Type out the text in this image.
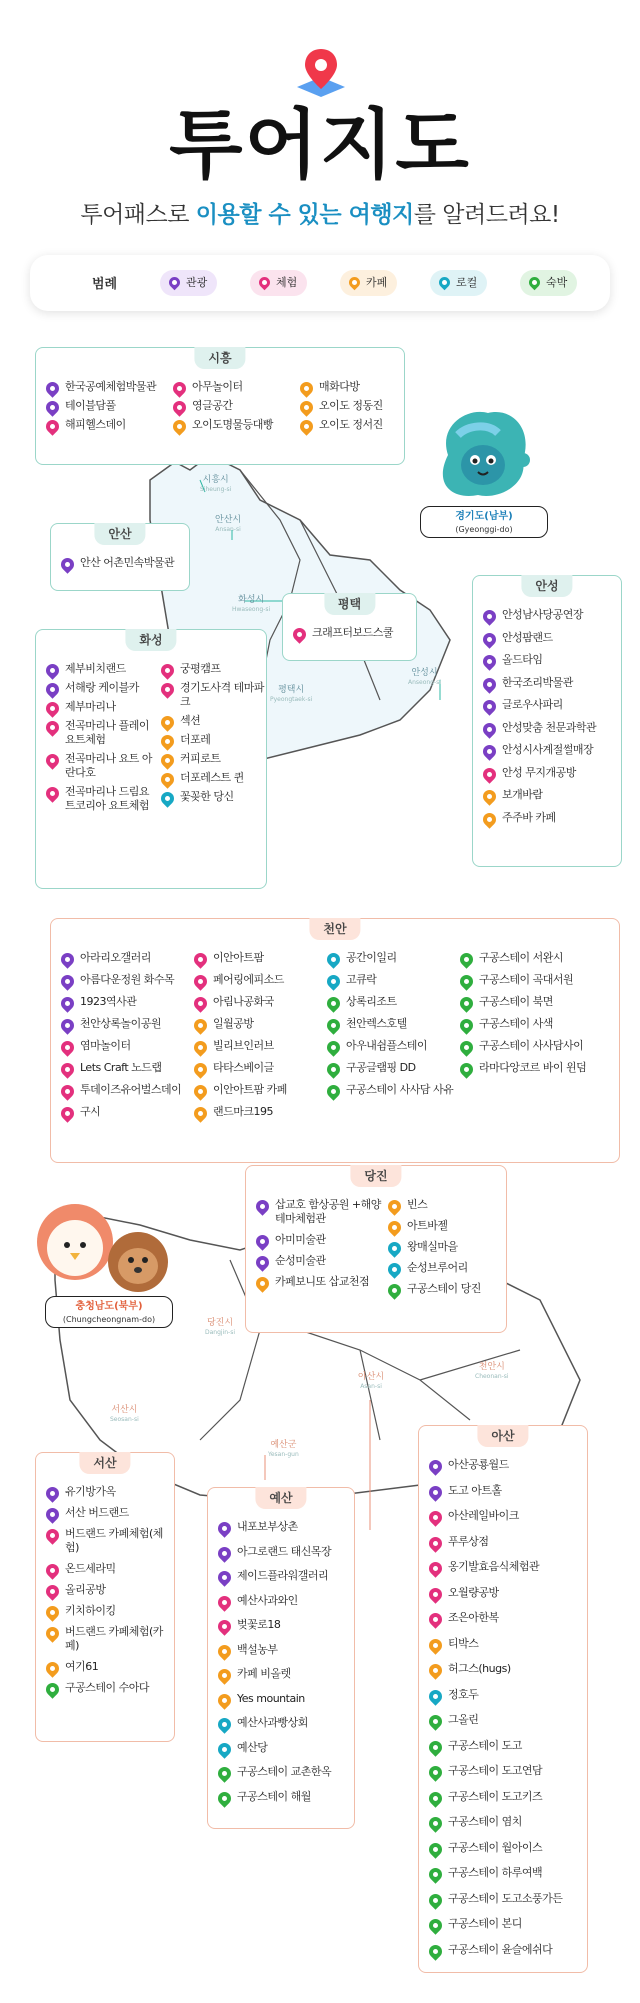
투어지도
투어패스로 이용할 수 있는 여행지를 알려드려요!
범례	관광	체험	카페	로컬	숙박
시흥시
Siheung-si
안산시
Ansan-si
화성시
Hwaseong-si
평택시
Pyeongtaek-si
안성시
Anseong-si
당진시
Dangjin-si
서산시
Seosan-si
예산군
Yesan-gun
아산시
Asan-si
천안시
Cheonan-si
경기도(남부)
(Gyeonggi-do)
충청남도(북부)
(Chungcheongnam-do)
시흥
한국공예체험박물관
테이블담풀
해피헬스데이
아무놀이터
영글공간
오이도명물등대빵
매화다방
오이도 정동진
오이도 정서진
안산
안산 어촌민속박물관
평택
크래프터보드스쿨
화성
제부비치랜드
서해랑 케이블카
제부마리나
전곡마리나 플레이요트체험
전곡마리나 요트 아란다호
전곡마리나 드림요트코리아 요트체험
궁평캠프
경기도사격 테마파크
섹션
더포레
커피로트
더포레스트 퀸
꽃꽂한 당신
안성
안성남사당공연장
안성팜랜드
올드타임
한국조리박물관
글로우사파리
안성맞춤 천문과학관
안성시사계절썰매장
안성 무지개공방
보개바람
주주바 카페
천안
아라리오갤러리
아름다운정원 화수목
1923역사관
천안상록놀이공원
염마놀이터
Lets Craft 노드랩
투데이즈유어벌스데이
구시
이안아트팜
페어링에피소드
아림나공화국
일월공방
빌리브인러브
타타스베이글
이안아트팜 카페
랜드마크195
공간이일리
고큐락
상록리조트
천안렉스호텔
아우내쉼플스테이
구공글램핑 DD
구공스테이 사사담 사유
구공스테이 서완시
구공스테이 곡대서원
구공스테이 북면
구공스테이 사색
구공스테이 사사담사이
라마다앙코르 바이 윈덤
당진
삽교호 함상공원 +해양테마체험관
아미미술관
순성미술관
카페보니또 삽교천점
빈스
아트바젤
왕매실마을
순성브루어리
구공스테이 당진
서산
유기방가옥
서산 버드랜드
버드랜드 카페체험(체험)
온드세라믹
올리공방
키치하이킹
버드랜드 카페체험(카페)
여기61
구공스테이 수아다
예산
내포보부상촌
아그로랜드 태신목장
제이드플라워갤러리
예산사과와인
벚꽃로18
백설농부
카페 비올렛
Yes mountain
예산사과빵상회
예산당
구공스테이 교촌한옥
구공스테이 해월
아산
아산공룡월드
도고 아트홀
아산레일바이크
푸루상점
옹기발효음식체험관
오월량공방
조은아한복
티박스
허그스(hugs)
정호두
그올린
구공스테이 도고
구공스테이 도고연담
구공스테이 도고키즈
구공스테이 염치
구공스테이 월아이스
구공스테이 하루여백
구공스테이 도고소풍가든
구공스테이 본디
구공스테이 윤슬에쉬다
